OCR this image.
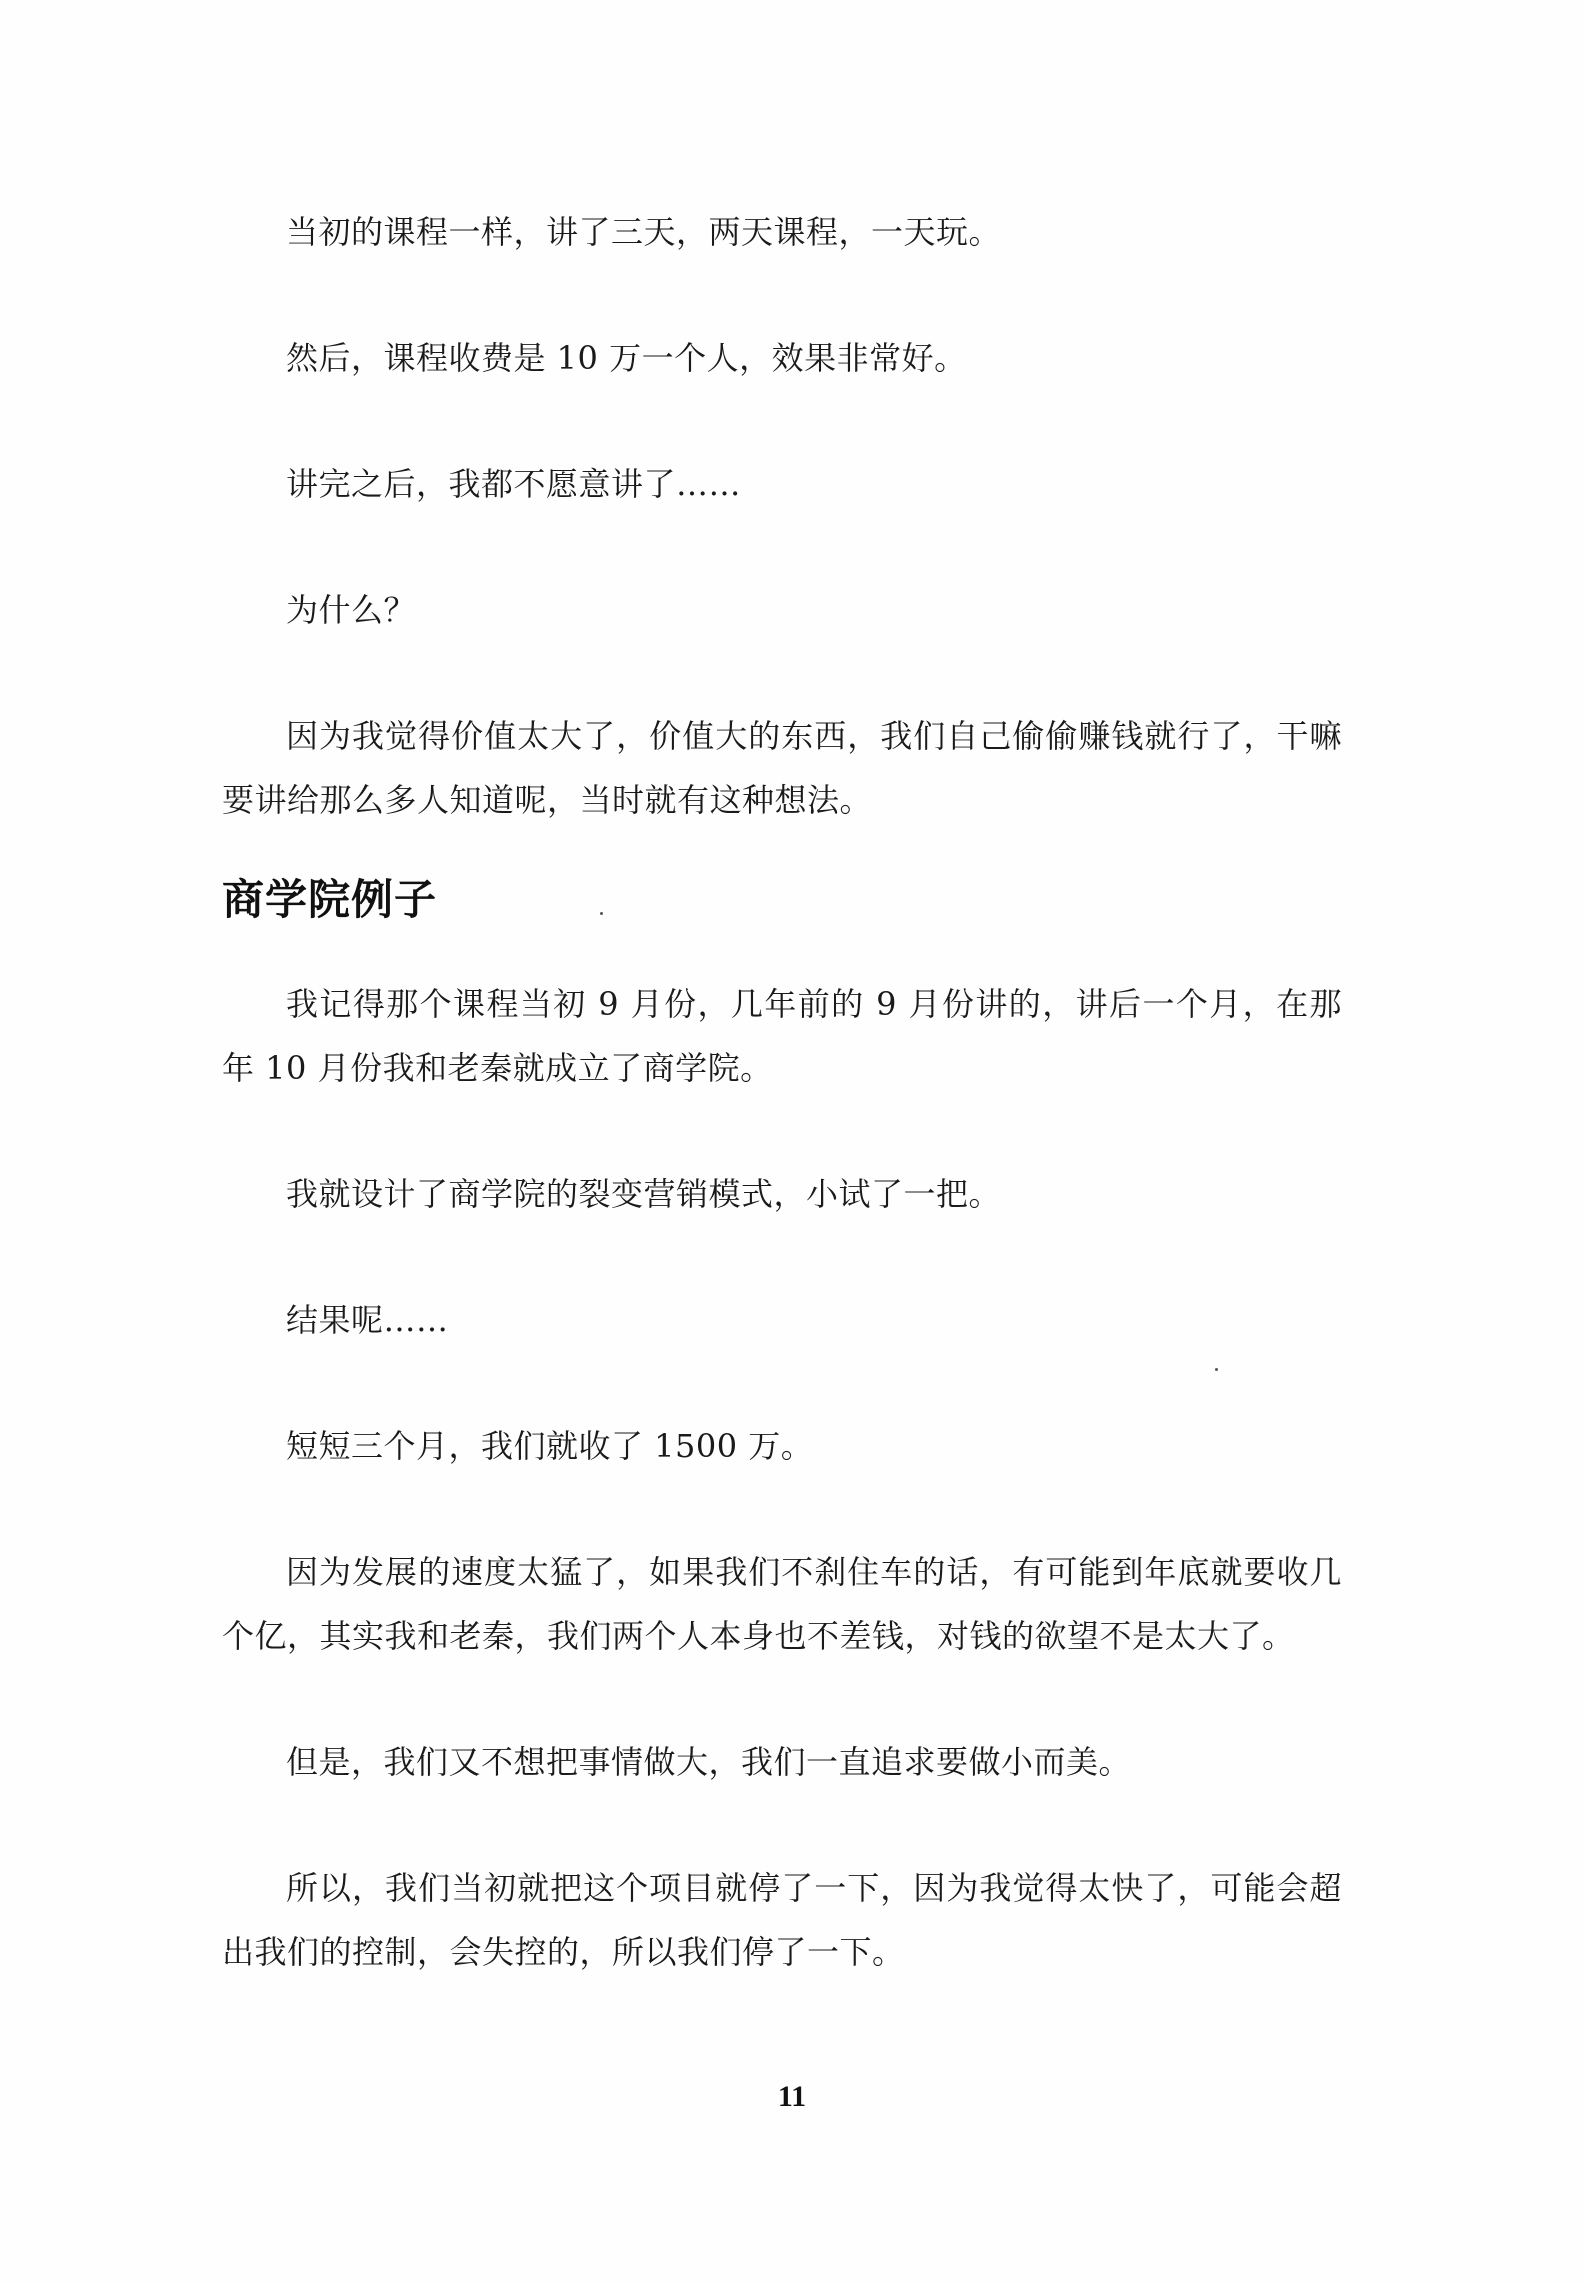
当初的课程一样，讲了三天，两天课程，一天玩。

然后，课程收费是 10 万一个人，效果非常好。

讲完之后，我都不愿意讲了……

为什么？

因为我觉得价值太大了，价值大的东西，我们自己偷偷赚钱就行了，干嘛要讲给那么多人知道呢，当时就有这种想法。

商学院例子

我记得那个课程当初 9 月份，几年前的 9 月份讲的，讲后一个月，在那年 10 月份我和老秦就成立了商学院。

我就设计了商学院的裂变营销模式，小试了一把。

结果呢……

短短三个月，我们就收了 1500 万。

因为发展的速度太猛了，如果我们不刹住车的话，有可能到年底就要收几个亿，其实我和老秦，我们两个人本身也不差钱，对钱的欲望不是太大了。

但是，我们又不想把事情做大，我们一直追求要做小而美。

所以，我们当初就把这个项目就停了一下，因为我觉得太快了，可能会超出我们的控制，会失控的，所以我们停了一下。

11
